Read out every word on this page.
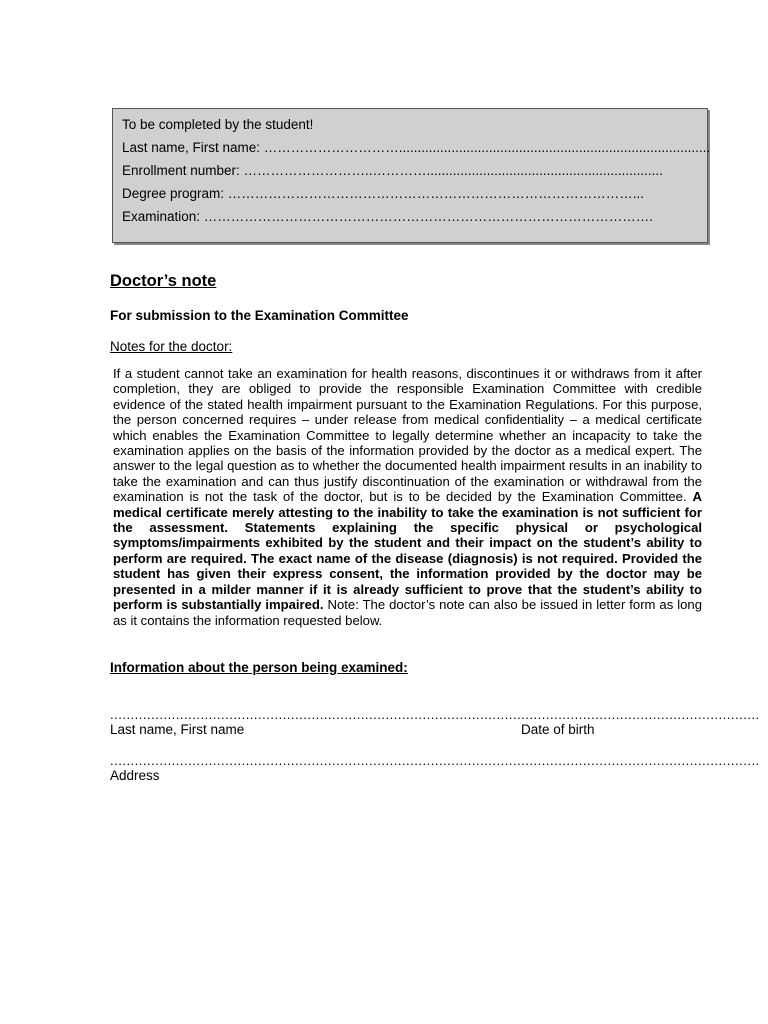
To be completed by the student!
Last name, First name: …………………………...................................................................................
Enrollment number: ………………………..…………...............................................................
Degree program: ………………………………………………………………………………...
Examination: ……………………………………………………………………………………….
Doctor’s note
For submission to the Examination Committee
Notes for the doctor:
If a student cannot take an examination for health reasons, discontinues it or withdraws from it after completion, they are obliged to provide the responsible Examination Committee with credible evidence of the stated health impairment pursuant to the Examination Regulations. For this purpose, the person concerned requires – under release from medical confidentiality – a medical certificate which enables the Examination Committee to legally determine whether an incapacity to take the examination applies on the basis of the information provided by the doctor as a medical expert. The answer to the legal question as to whether the documented health impairment results in an inability to take the examination and can thus justify discontinuation of the examination or withdrawal from the examination is not the task of the doctor, but is to be decided by the Examination Committee. A medical certificate merely attesting to the inability to take the examination is not sufficient for the assessment. Statements explaining the specific physical or psychological symptoms/impairments exhibited by the student and their impact on the student’s ability to perform are required. The exact name of the disease (diagnosis) is not required. Provided the student has given their express consent, the information provided by the doctor may be presented in a milder manner if it is already sufficient to prove that the student’s ability to perform is substantially impaired. Note: The doctor’s note can also be issued in letter form as long as it contains the information requested below.
Information about the person being examined:
..............................................................................................................................................................
Last name, First name	Date of birth
..............................................................................................................................................................
Address
